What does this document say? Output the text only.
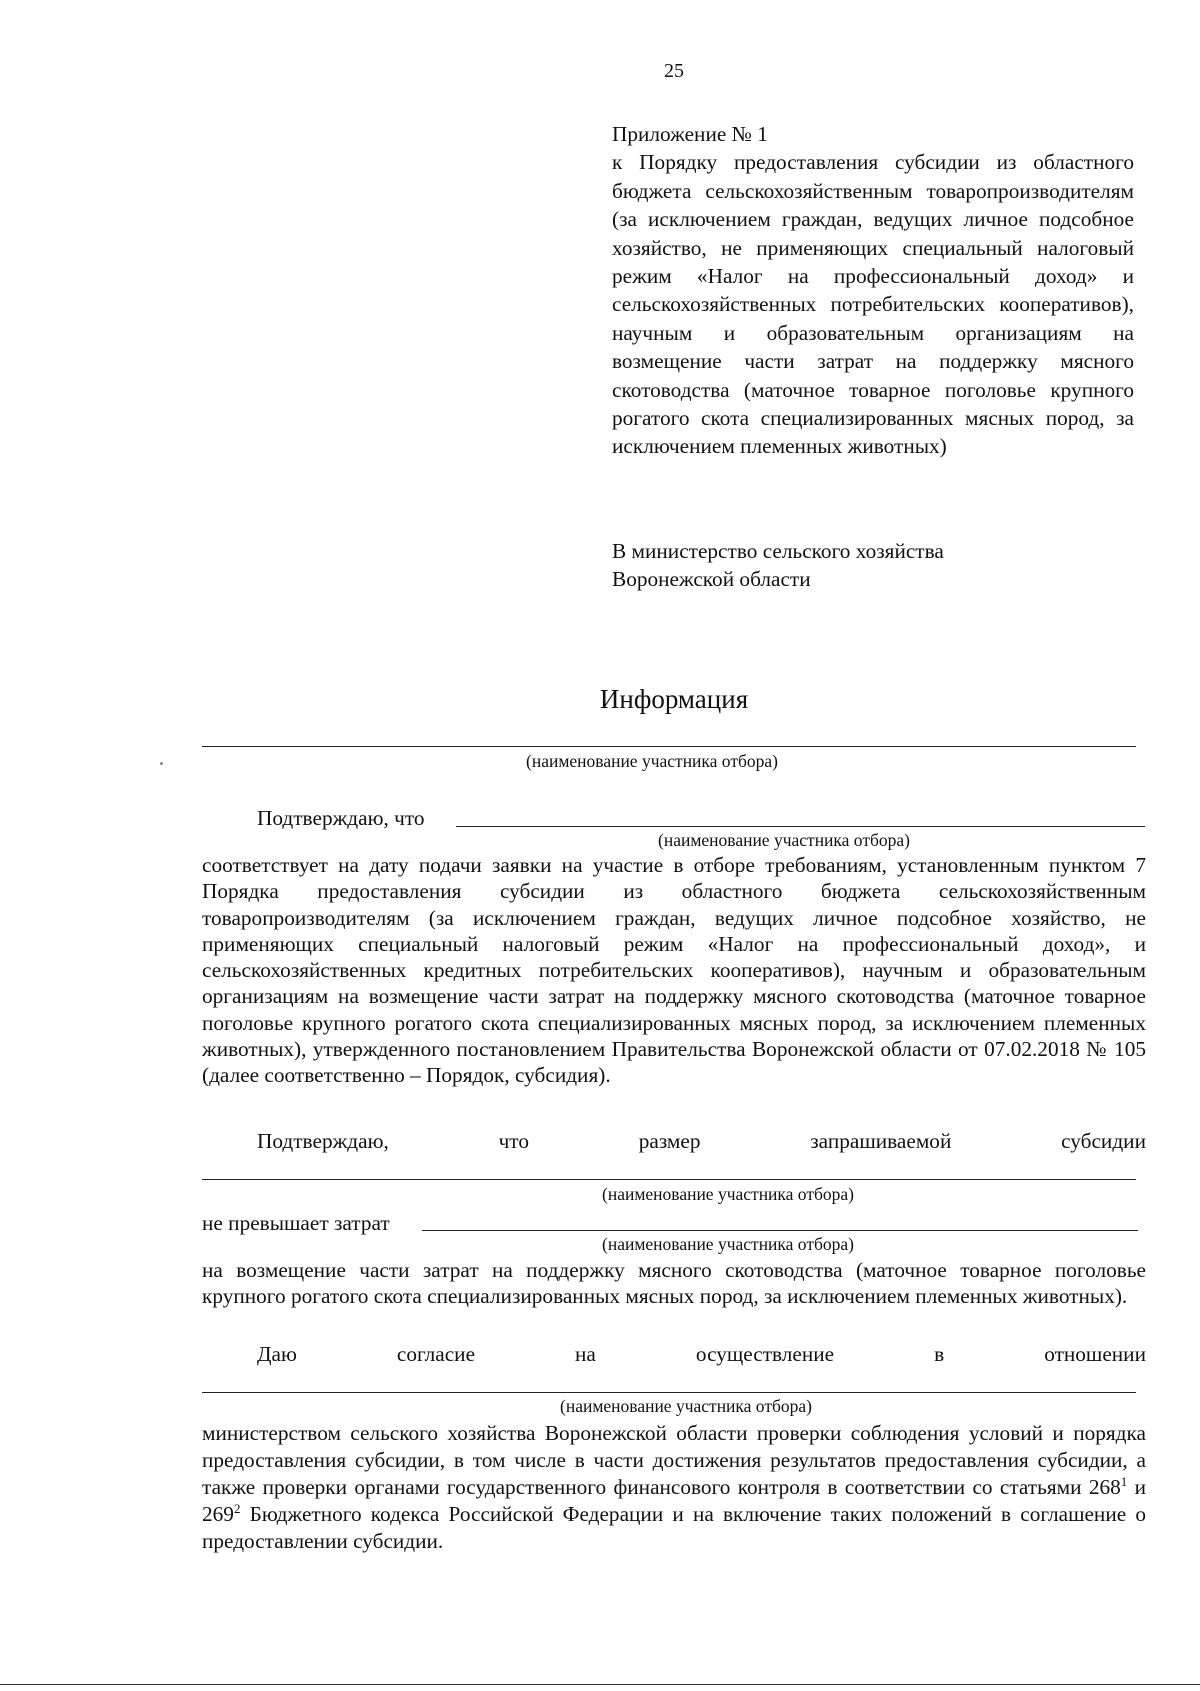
25

Приложение № 1

к Порядку предоставления субсидии из областного бюджета сельскохозяйственным товаропроизводителям (за исключением граждан, ведущих личное подсобное хозяйство, не применяющих специальный налоговый режим «Налог на профессиональный доход» и сельскохозяйственных потребительских кооперативов), научным и образовательным организациям на возмещение части затрат на поддержку мясного скотоводства (маточное товарное поголовье крупного рогатого скота специализированных мясных пород, за исключением племенных животных)

В министерство сельского хозяйства

Воронежской области

Информация
(наименование участника отбора)
Подтверждаю, что
(наименование участника отбора)

соответствует на дату подачи заявки на участие в отборе требованиям, установленным пунктом 7 Порядка предоставления субсидии из областного бюджета сельскохозяйственным товаропроизводителям (за исключением граждан, ведущих личное подсобное хозяйство, не применяющих специальный налоговый режим «Налог на профессиональный доход», и сельскохозяйственных кредитных потребительских кооперативов), научным и образовательным организациям на возмещение части затрат на поддержку мясного скотоводства (маточное товарное поголовье крупного рогатого скота специализированных мясных пород, за исключением племенных животных), утвержденного постановлением Правительства Воронежской области от 07.02.2018 № 105 (далее соответственно – Порядок, субсидия).

Подтверждаю,	что	размер	запрашиваемой	субсидии
(наименование участника отбора)
не превышает затрат
(наименование участника отбора)

на возмещение части затрат на поддержку мясного скотоводства (маточное товарное поголовье крупного рогатого скота специализированных мясных пород, за исключением племенных животных).

Даю	согласие	на	осуществление	в	отношении
(наименование участника отбора)

министерством сельского хозяйства Воронежской области проверки соблюдения условий и порядка предоставления субсидии, в том числе в части достижения результатов предоставления субсидии, а также проверки органами государственного финансового контроля в соответствии со статьями $268^1$ и $269^2$ Бюджетного кодекса Российской Федерации и на включение таких положений в соглашение о предоставлении субсидии.
